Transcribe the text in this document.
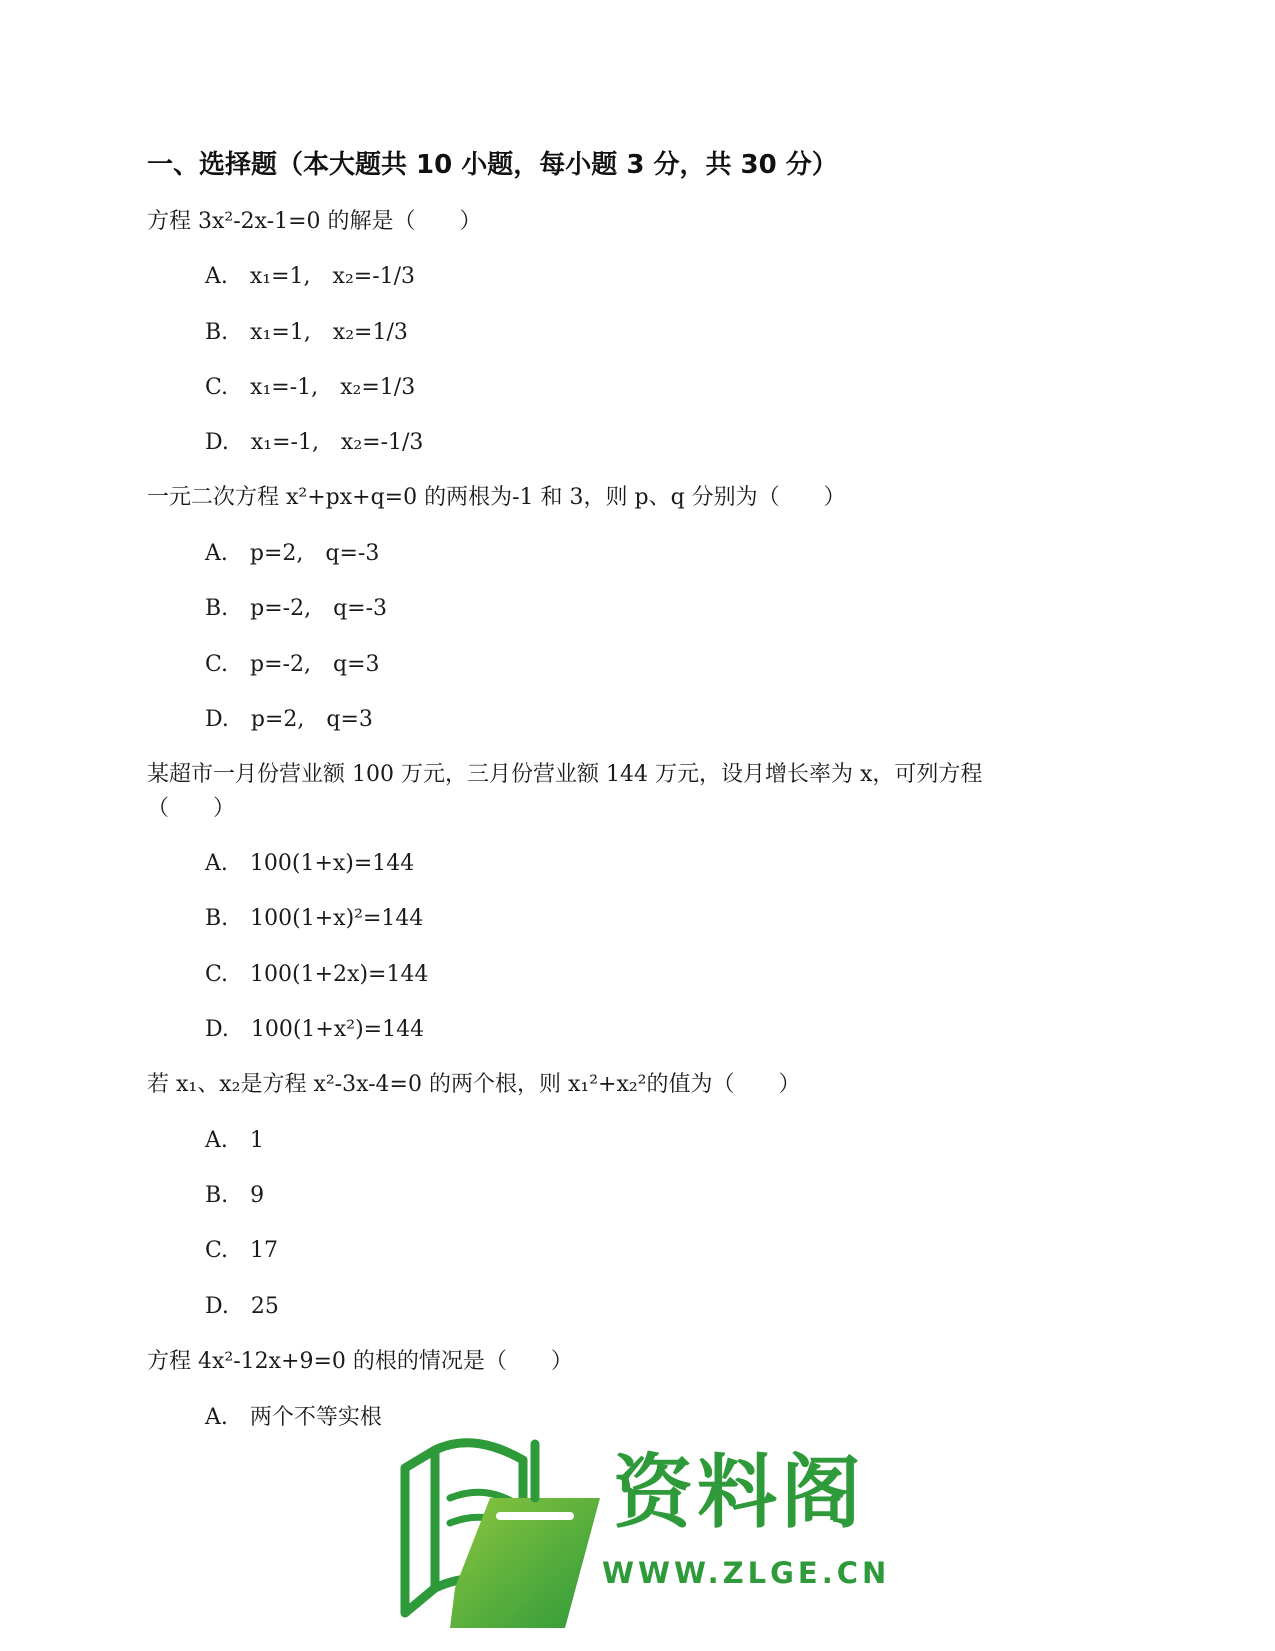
一、选择题（本大题共 10 小题，每小题 3 分，共 30 分）
方程 3x²-2x-1=0 的解是（　　）
A.　x₁=1,　x₂=-1/3
B.　x₁=1,　x₂=1/3
C.　x₁=-1,　x₂=1/3
D.　x₁=-1,　x₂=-1/3
一元二次方程 x²+px+q=0 的两根为-1 和 3，则 p、q 分别为（　　）
A.　p=2,　q=-3
B.　p=-2,　q=-3
C.　p=-2,　q=3
D.　p=2,　q=3
某超市一月份营业额 100 万元，三月份营业额 144 万元，设月增长率为 x，可列方程
（　　）
A.　100(1+x)=144
B.　100(1+x)²=144
C.　100(1+2x)=144
D.　100(1+x²)=144
若 x₁、x₂是方程 x²-3x-4=0 的两个根，则 x₁²+x₂²的值为（　　）
A.　1
B.　9
C.　17
D.　25
方程 4x²-12x+9=0 的根的情况是（　　）
A.　两个不等实根
资料阁
WWW.ZLGE.CN
